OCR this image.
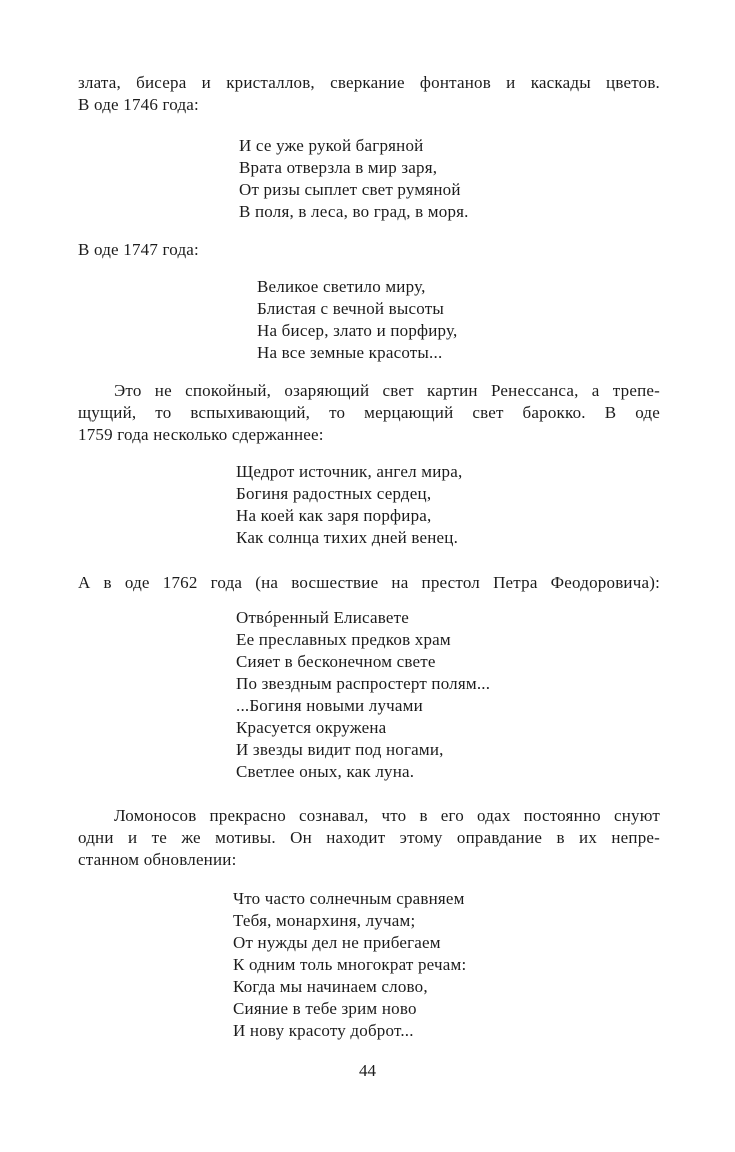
злата, бисера и кристаллов, сверкание фонтанов и каскады цветов.
В оде 1746 года:
И се уже рукой багряной
Врата отверзла в мир заря,
От ризы сыплет свет румяной
В поля, в леса, во град, в моря.
В оде 1747 года:
Великое светило миру,
Блистая с вечной высоты
На бисер, злато и порфиру,
На все земные красоты...
Это не спокойный, озаряющий свет картин Ренессанса, а трепе-
щущий, то вспыхивающий, то мерцающий свет барокко. В оде
1759 года несколько сдержаннее:
Щедрот источник, ангел мира,
Богиня радостных сердец,
На коей как заря порфира,
Как солнца тихих дней венец.
А в оде 1762 года (на восшествие на престол Петра Феодоровича):
Отвóренный Елисавете
Ее преславных предков храм
Сияет в бесконечном свете
По звездным распростерт полям...
...Богиня новыми лучами
Красуется окружена
И звезды видит под ногами,
Светлее оных, как луна.
Ломоносов прекрасно сознавал, что в его одах постоянно снуют
одни и те же мотивы. Он находит этому оправдание в их непре-
станном обновлении:
Что часто солнечным сравняем
Тебя, монархиня, лучам;
От нужды дел не прибегаем
К одним толь многократ речам:
Когда мы начинаем слово,
Сияние в тебе зрим ново
И нову красоту доброт...
44
